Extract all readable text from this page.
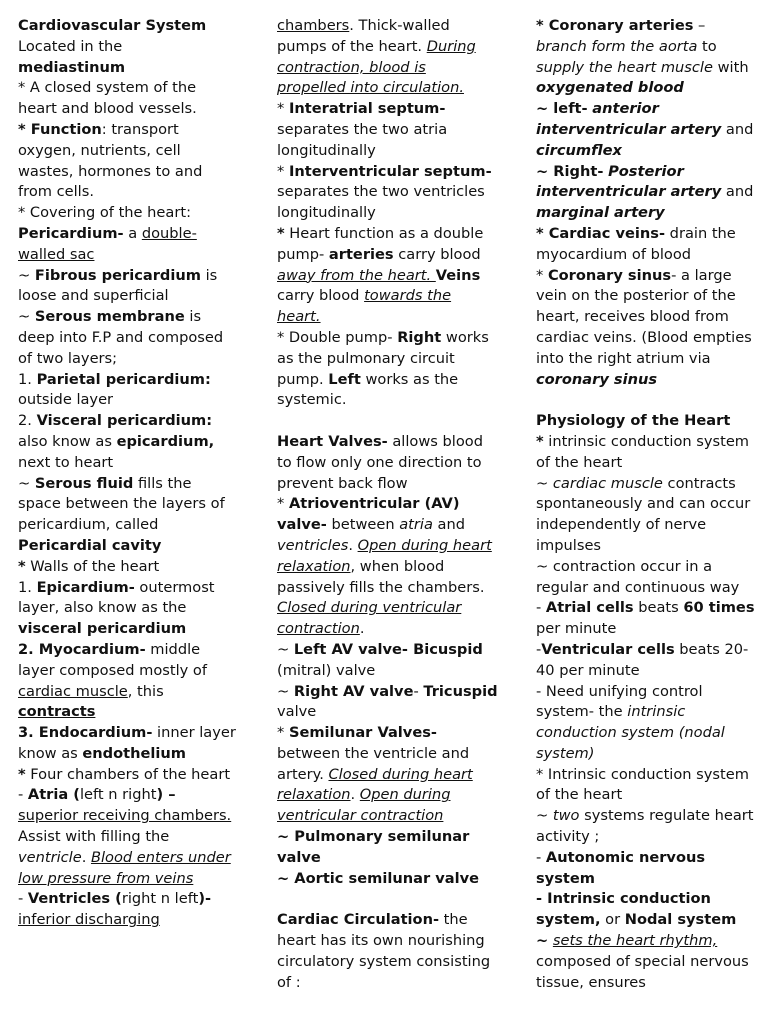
Cardiovascular System

Located in the

mediastinum

* A closed system of the heart and blood vessels.

* Function: transport oxygen, nutrients, cell wastes, hormones to and from cells.

* Covering of the heart:

Pericardium- a double-walled sac

~ Fibrous pericardium is loose and superficial

~ Serous membrane is deep into F.P and composed of two layers;

1. Parietal pericardium: outside layer

2. Visceral pericardium: also know as epicardium, next to heart

~ Serous fluid fills the space between the layers of pericardium, called Pericardial cavity

* Walls of the heart

1. Epicardium- outermost layer, also know as the visceral pericardium

2. Myocardium- middle layer composed mostly of cardiac muscle, this contracts

3. Endocardium- inner layer know as endothelium

* Four chambers of the heart

- Atria (left n right) – superior receiving chambers. Assist with filling the ventricle. Blood enters under low pressure from veins

- Ventricles (right n left)- inferior discharging

chambers. Thick-walled pumps of the heart. During contraction, blood is propelled into circulation.

* Interatrial septum- separates the two atria longitudinally

* Interventricular septum- separates the two ventricles longitudinally

* Heart function as a double pump- arteries carry blood away from the heart. Veins carry blood towards the heart.

* Double pump- Right works as the pulmonary circuit pump. Left works as the systemic.

Heart Valves- allows blood to flow only one direction to prevent back flow

* Atrioventricular (AV) valve- between atria and ventricles. Open during heart relaxation, when blood passively fills the chambers. Closed during ventricular contraction.

~ Left AV valve- Bicuspid (mitral) valve

~ Right AV valve- Tricuspid valve

* Semilunar Valves- between the ventricle and artery. Closed during heart relaxation. Open during ventricular contraction

~ Pulmonary semilunar valve

~ Aortic semilunar valve

Cardiac Circulation- the heart has its own nourishing circulatory system consisting of :

* Coronary arteries – branch form the aorta to supply the heart muscle with oxygenated blood

~ left- anterior interventricular artery and circumflex

~ Right- Posterior interventricular artery and marginal artery

* Cardiac veins- drain the myocardium of blood

* Coronary sinus- a large vein on the posterior of the heart, receives blood from cardiac veins. (Blood empties into the right atrium via coronary sinus

Physiology of the Heart

* intrinsic conduction system of the heart

~ cardiac muscle contracts spontaneously and can occur independently of nerve impulses

~ contraction occur in a regular and continuous way

- Atrial cells beats 60 times per minute

-Ventricular cells beats 20-40 per minute

- Need unifying control system- the intrinsic conduction system (nodal system)

* Intrinsic conduction system of the heart

~ two systems regulate heart activity ;

- Autonomic nervous system

- Intrinsic conduction system, or Nodal system

~ sets the heart rhythm, composed of special nervous tissue, ensures
